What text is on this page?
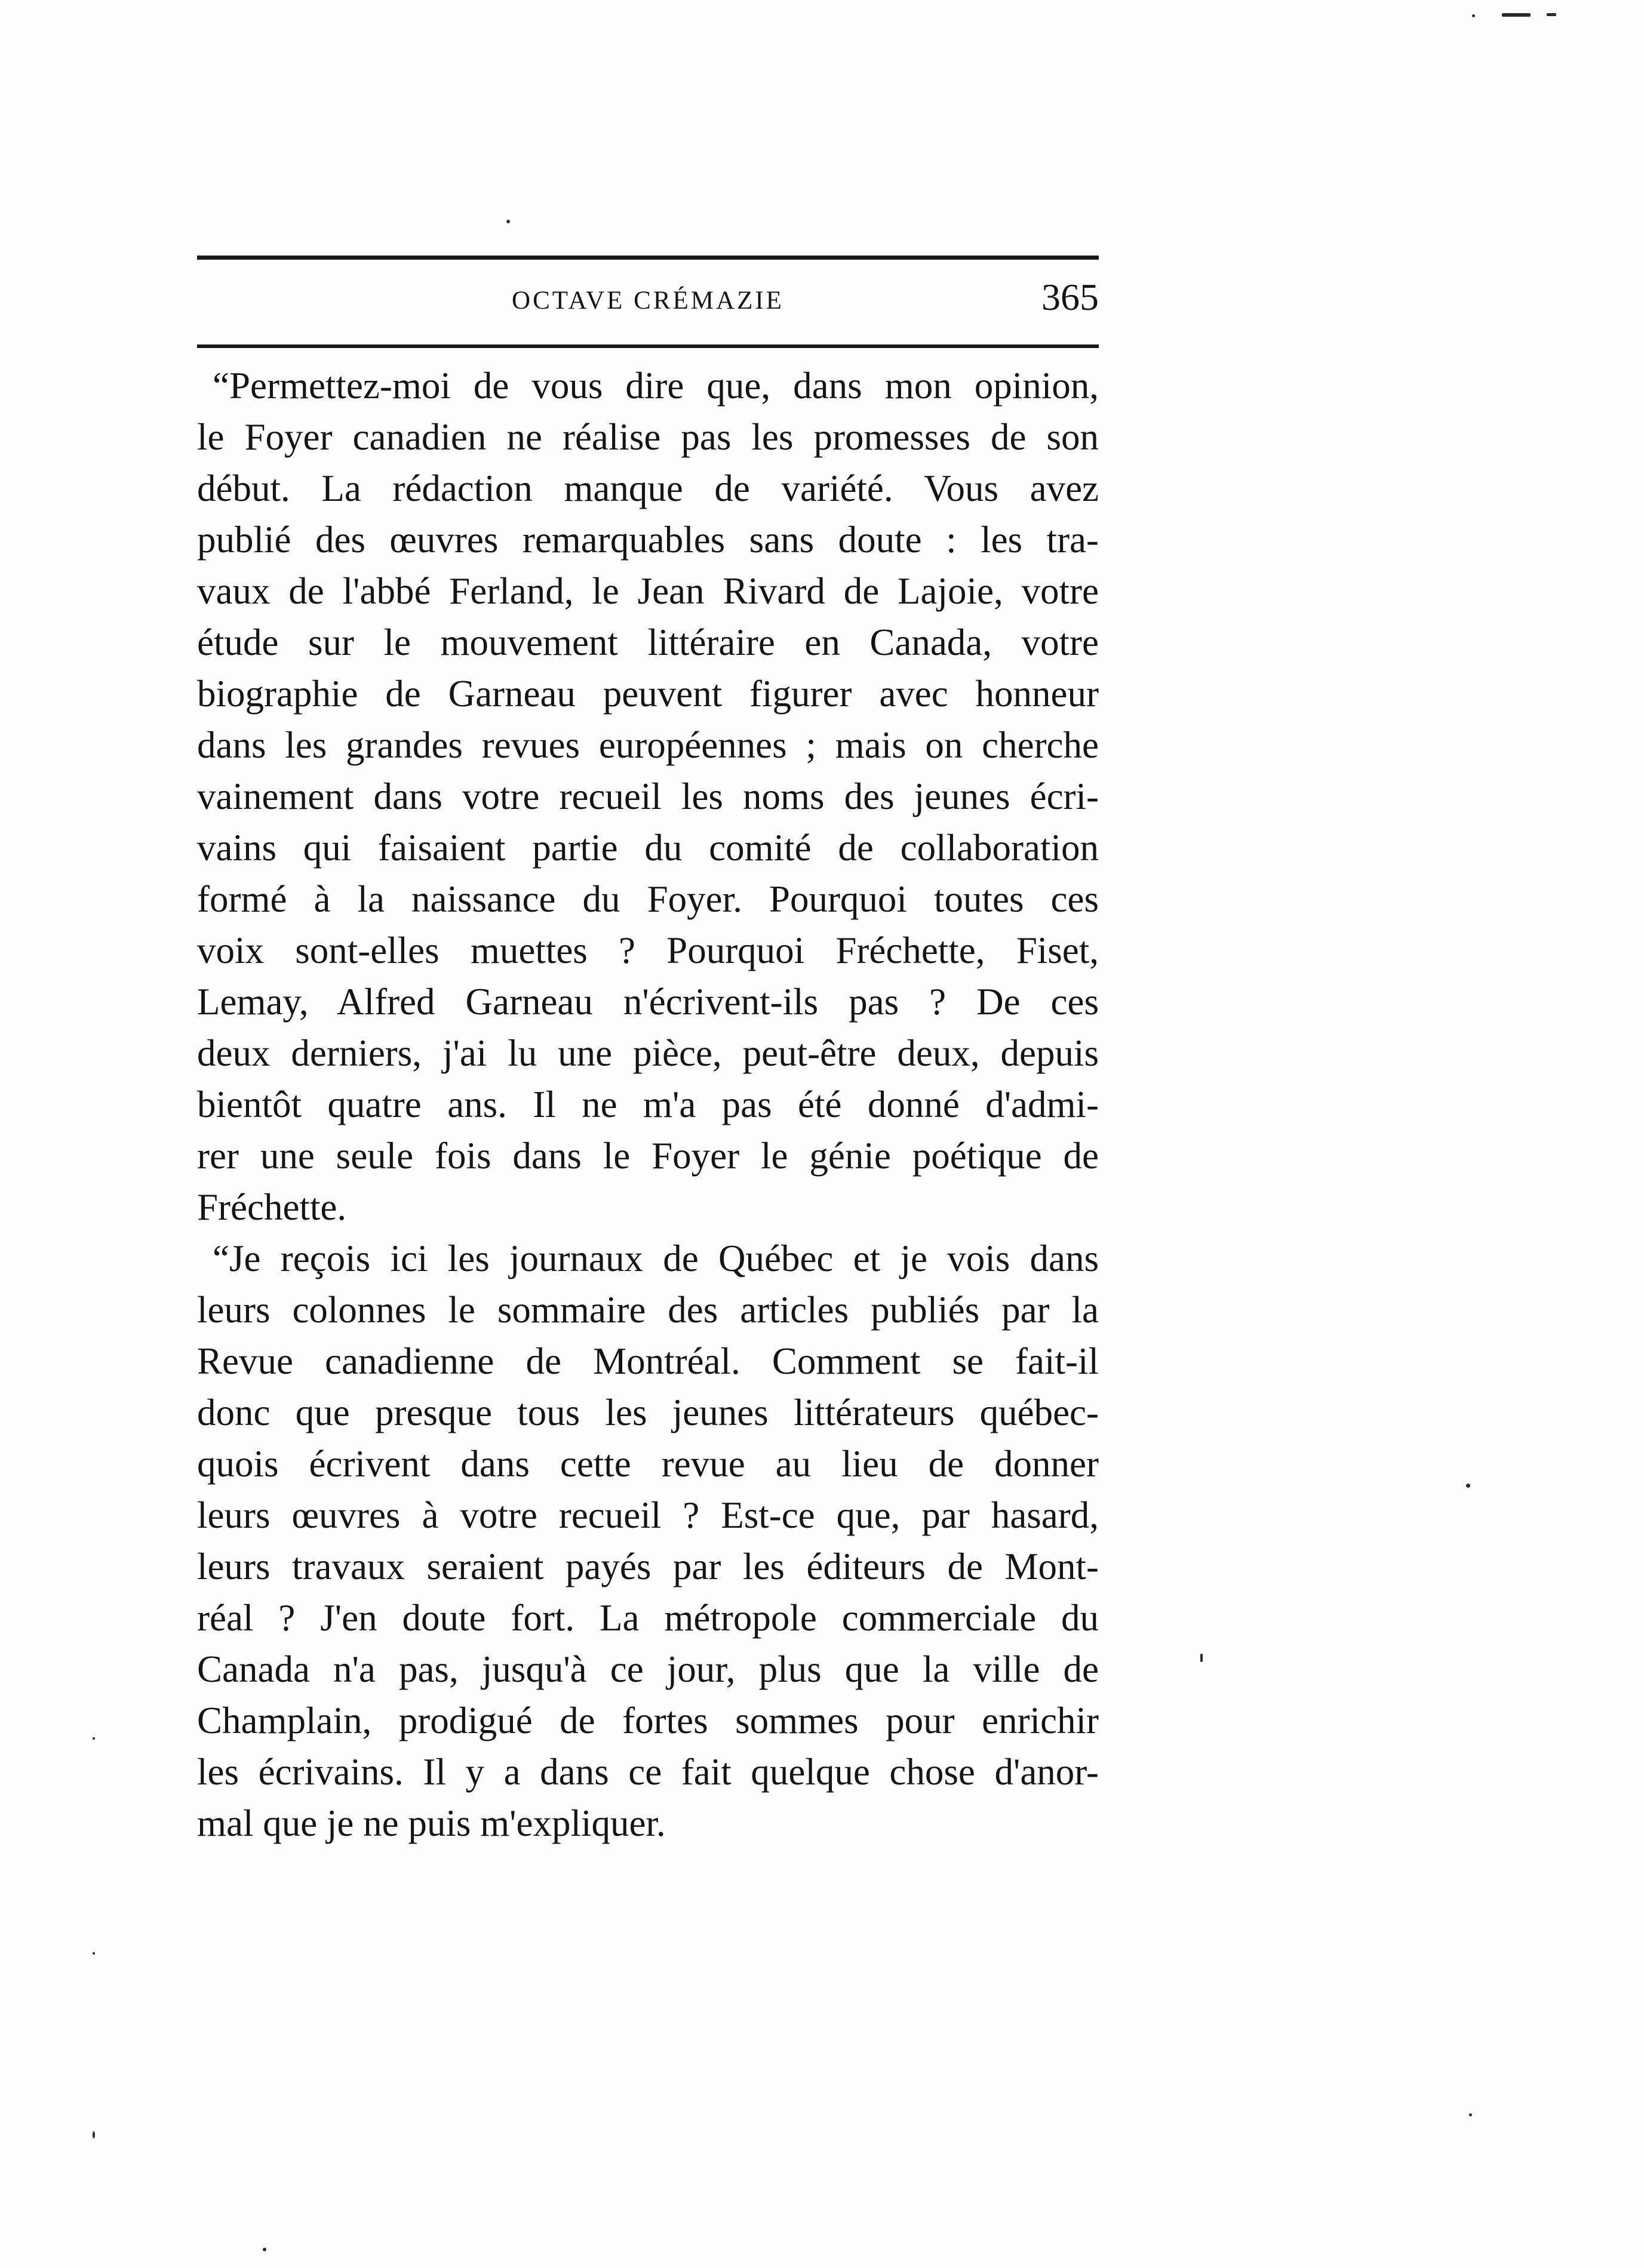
OCTAVE CRÉMAZIE	365

“Permettez-moi de vous dire que, dans mon opinion,
le Foyer canadien ne réalise pas les promesses de son
début. La rédaction manque de variété. Vous avez
publié des œuvres remarquables sans doute : les tra-
vaux de l'abbé Ferland, le Jean Rivard de Lajoie, votre
étude sur le mouvement littéraire en Canada, votre
biographie de Garneau peuvent figurer avec honneur
dans les grandes revues européennes ; mais on cherche
vainement dans votre recueil les noms des jeunes écri-
vains qui faisaient partie du comité de collaboration
formé à la naissance du Foyer. Pourquoi toutes ces
voix sont-elles muettes ? Pourquoi Fréchette, Fiset,
Lemay, Alfred Garneau n'écrivent-ils pas ? De ces
deux derniers, j'ai lu une pièce, peut-être deux, depuis
bientôt quatre ans. Il ne m'a pas été donné d'admi-
rer une seule fois dans le Foyer le génie poétique de
Fréchette.

“Je reçois ici les journaux de Québec et je vois dans
leurs colonnes le sommaire des articles publiés par la
Revue canadienne de Montréal. Comment se fait-il
donc que presque tous les jeunes littérateurs québec-
quois écrivent dans cette revue au lieu de donner
leurs œuvres à votre recueil ? Est-ce que, par hasard,
leurs travaux seraient payés par les éditeurs de Mont-
réal ? J'en doute fort. La métropole commerciale du
Canada n'a pas, jusqu'à ce jour, plus que la ville de
Champlain, prodigué de fortes sommes pour enrichir
les écrivains. Il y a dans ce fait quelque chose d'anor-
mal que je ne puis m'expliquer.
